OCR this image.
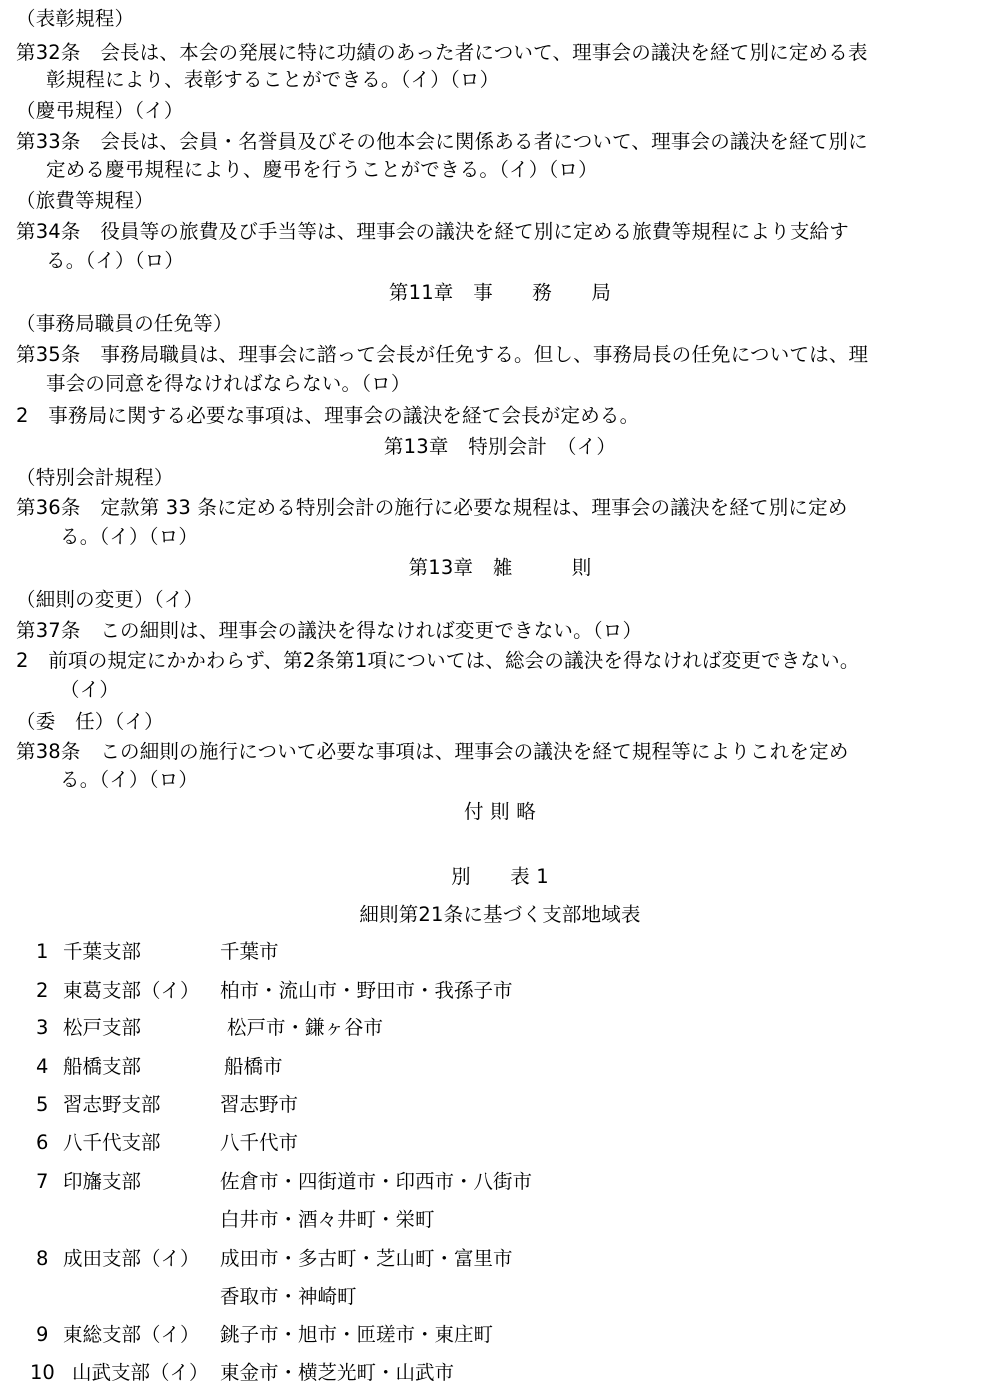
（表彰規程）
第32条　会長は、本会の発展に特に功績のあった者について、理事会の議決を経て別に定める表
彰規程により、表彰することができる。（イ）（ロ）
（慶弔規程）（イ）
第33条　会長は、会員・名誉員及びその他本会に関係ある者について、理事会の議決を経て別に
定める慶弔規程により、慶弔を行うことができる。（イ）（ロ）
（旅費等規程）
第34条　役員等の旅費及び手当等は、理事会の議決を経て別に定める旅費等規程により支給す
る。（イ）（ロ）
第11章　事　　務　　局
（事務局職員の任免等）
第35条　事務局職員は、理事会に諮って会長が任免する。但し、事務局長の任免については、理
事会の同意を得なければならない。（ロ）
2　事務局に関する必要な事項は、理事会の議決を経て会長が定める。
第13章　特別会計　（イ）
（特別会計規程）
第36条　定款第 33 条に定める特別会計の施行に必要な規程は、理事会の議決を経て別に定め
る。（イ）（ロ）
第13章　雑　　　則
（細則の変更）（イ）
第37条　この細則は、理事会の議決を得なければ変更できない。（ロ）
2　前項の規定にかかわらず、第2条第1項については、総会の議決を得なければ変更できない。
（イ）
（委　任）（イ）
第38条　この細則の施行について必要な事項は、理事会の議決を経て規程等によりこれを定め
る。（イ）（ロ）
付 則 略
別　　表 1
細則第21条に基づく支部地域表
1 千葉支部	千葉市
2 東葛支部（イ） 柏市・流山市・野田市・我孫子市
3 松戸支部	松戸市・鎌ヶ谷市
4 船橋支部	船橋市
5 習志野支部	習志野市
6 八千代支部	八千代市
7 印旛支部	佐倉市・四街道市・印西市・八街市
白井市・酒々井町・栄町
8 成田支部（イ） 成田市・多古町・芝山町・富里市
香取市・神崎町
9 東総支部（イ） 銚子市・旭市・匝瑳市・東庄町
10 山武支部（イ） 東金市・横芝光町・山武市
